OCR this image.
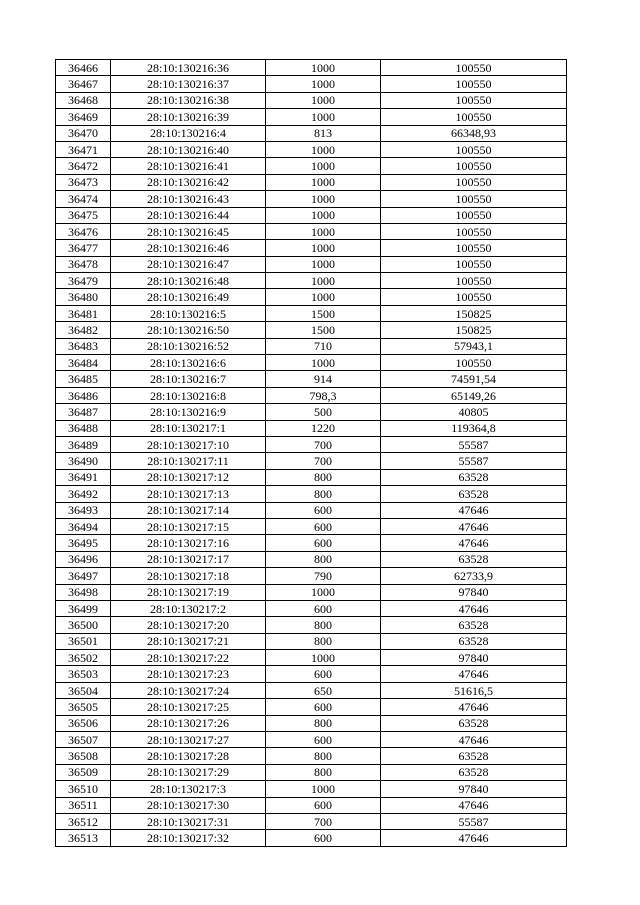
36466	28:10:130216:36	1000	100550
36467	28:10:130216:37	1000	100550
36468	28:10:130216:38	1000	100550
36469	28:10:130216:39	1000	100550
36470	28:10:130216:4	813	66348,93
36471	28:10:130216:40	1000	100550
36472	28:10:130216:41	1000	100550
36473	28:10:130216:42	1000	100550
36474	28:10:130216:43	1000	100550
36475	28:10:130216:44	1000	100550
36476	28:10:130216:45	1000	100550
36477	28:10:130216:46	1000	100550
36478	28:10:130216:47	1000	100550
36479	28:10:130216:48	1000	100550
36480	28:10:130216:49	1000	100550
36481	28:10:130216:5	1500	150825
36482	28:10:130216:50	1500	150825
36483	28:10:130216:52	710	57943,1
36484	28:10:130216:6	1000	100550
36485	28:10:130216:7	914	74591,54
36486	28:10:130216:8	798,3	65149,26
36487	28:10:130216:9	500	40805
36488	28:10:130217:1	1220	119364,8
36489	28:10:130217:10	700	55587
36490	28:10:130217:11	700	55587
36491	28:10:130217:12	800	63528
36492	28:10:130217:13	800	63528
36493	28:10:130217:14	600	47646
36494	28:10:130217:15	600	47646
36495	28:10:130217:16	600	47646
36496	28:10:130217:17	800	63528
36497	28:10:130217:18	790	62733,9
36498	28:10:130217:19	1000	97840
36499	28:10:130217:2	600	47646
36500	28:10:130217:20	800	63528
36501	28:10:130217:21	800	63528
36502	28:10:130217:22	1000	97840
36503	28:10:130217:23	600	47646
36504	28:10:130217:24	650	51616,5
36505	28:10:130217:25	600	47646
36506	28:10:130217:26	800	63528
36507	28:10:130217:27	600	47646
36508	28:10:130217:28	800	63528
36509	28:10:130217:29	800	63528
36510	28:10:130217:3	1000	97840
36511	28:10:130217:30	600	47646
36512	28:10:130217:31	700	55587
36513	28:10:130217:32	600	47646
